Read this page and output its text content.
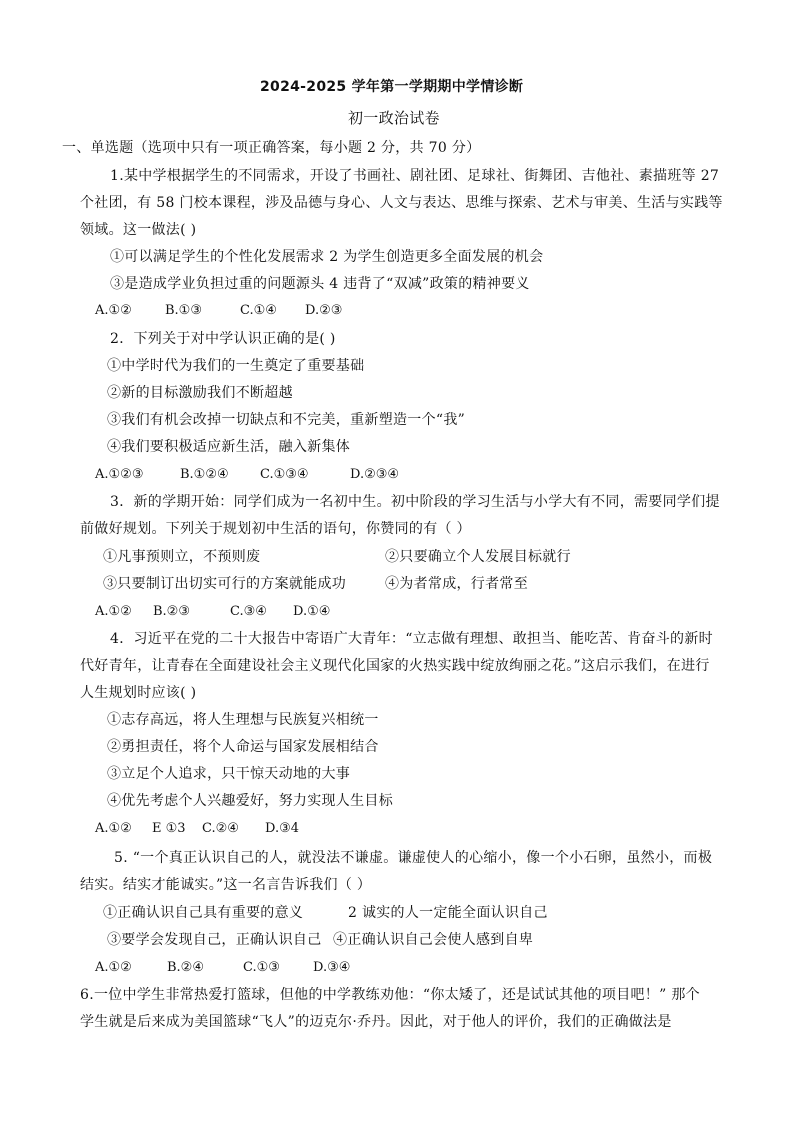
2024-2025 学年第一学期期中学情诊断
初一政治试卷
一、单选题（选项中只有一项正确答案，每小题 2 分，共 70 分）
1.某中学根据学生的不同需求，开设了书画社、剧社团、足球社、街舞团、吉他社、素描班等 27
个社团，有 58 门校本课程，涉及品德与身心、人文与表达、思维与探索、艺术与审美、生活与实践等
领域。这一做法( )
①可以满足学生的个性化发展需求 2 为学生创造更多全面发展的机会
③是造成学业负担过重的问题源头 4 违背了“双减”政策的精神要义
A.①②	B.①③	C.①④ D.②③
2．下列关于对中学认识正确的是( )
①中学时代为我们的一生奠定了重要基础
②新的目标激励我们不断超越
③我们有机会改掉一切缺点和不完美，重新塑造一个“我”
④我们要积极适应新生活，融入新集体
A.①②③	B.①②④ C.①③④	D.②③④
3．新的学期开始：同学们成为一名初中生。初中阶段的学习生活与小学大有不同，需要同学们提
前做好规划。下列关于规划初中生活的语句，你赞同的有（ ）
①凡事预则立，不预则废	②只要确立个人发展目标就行
③只要制订出切实可行的方案就能成功	④为者常成，行者常至
A.①② B.②③	C.③④ D.①④
4．习近平在党的二十大报告中寄语广大青年：“立志做有理想、敢担当、能吃苦、肯奋斗的新时
代好青年，让青春在全面建设社会主义现代化国家的火热实践中绽放绚丽之花。”这启示我们，在进行
人生规划时应该( )
①志存高远，将人生理想与民族复兴相统一
②勇担责任，将个人命运与国家发展相结合
③立足个人追求，只干惊天动地的大事
④优先考虑个人兴趣爱好，努力实现人生目标
A.①② E ①3 C.②④ D.③4
5. “一个真正认识自己的人，就没法不谦虚。谦虚使人的心缩小，像一个小石卵，虽然小，而极
结实。结实才能诚实。”这一名言告诉我们（ ）
①正确认识自己具有重要的意义	2 诚实的人一定能全面认识自己
③要学会发现自己，正确认识自己 ④正确认识自己会使人感到自卑
A.①②	B.②④	C.①③	D.③④
6.一位中学生非常热爱打篮球，但他的中学教练劝他：“你太矮了，还是试试其他的项目吧！” 那个
学生就是后来成为美国篮球“飞人”的迈克尔·乔丹。因此，对于他人的评价，我们的正确做法是
